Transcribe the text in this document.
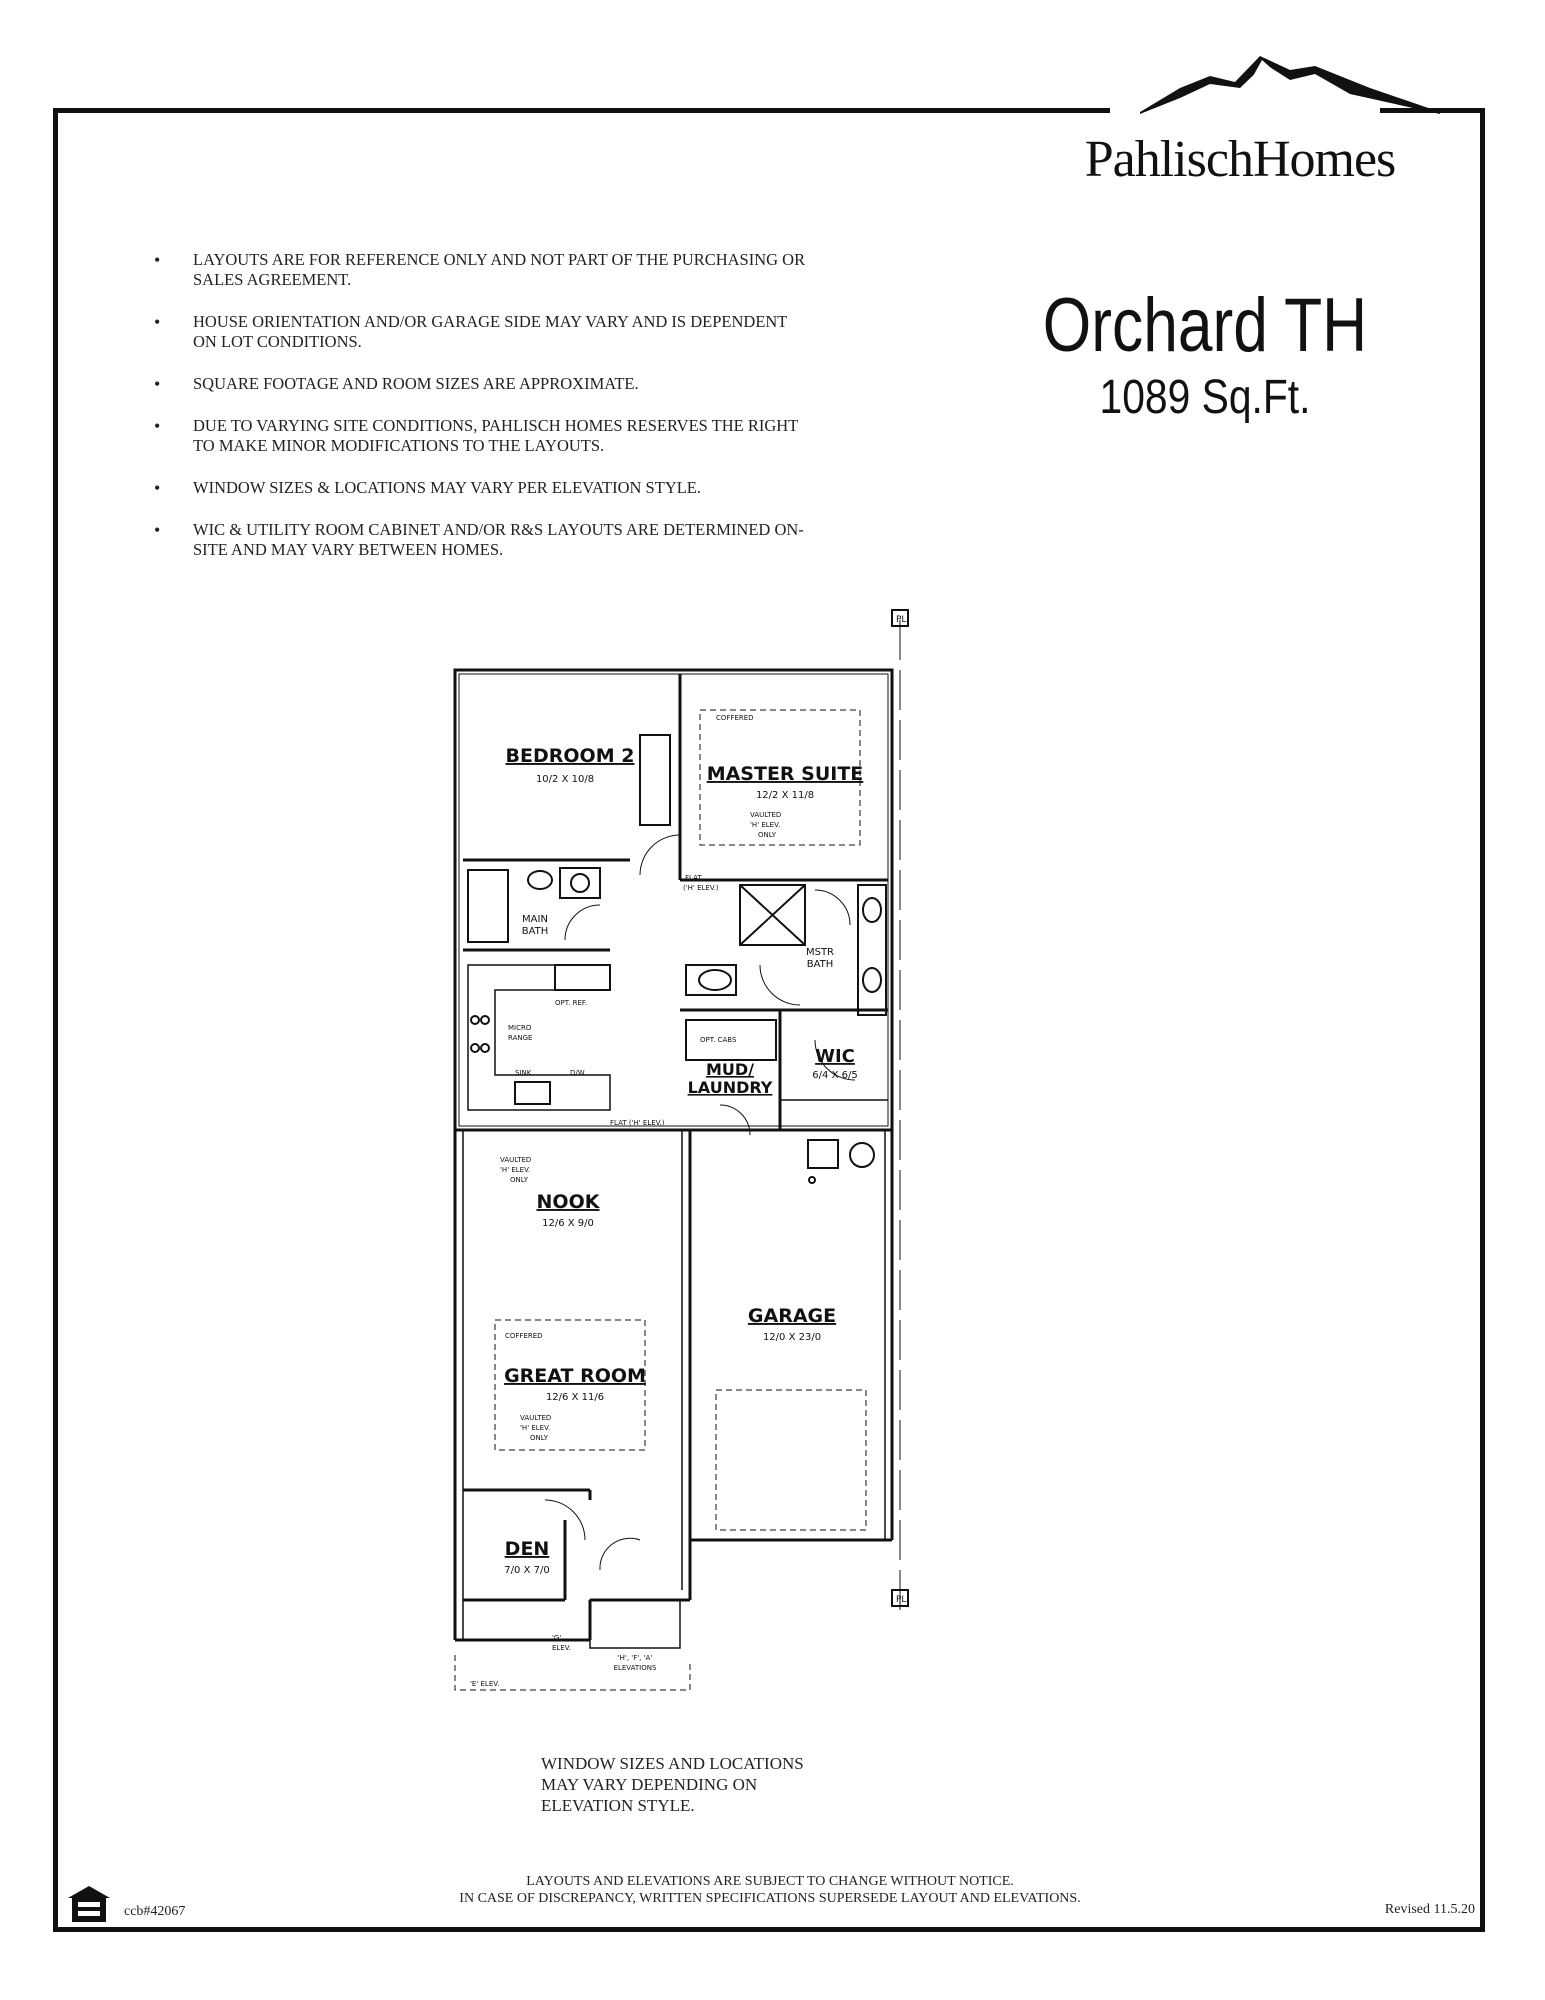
PahlischHomes
• LAYOUTS ARE FOR REFERENCE ONLY AND NOT PART OF THE PURCHASING OR SALES AGREEMENT.
• HOUSE ORIENTATION AND/OR GARAGE SIDE MAY VARY AND IS DEPENDENT ON LOT CONDITIONS.
• SQUARE FOOTAGE AND ROOM SIZES ARE APPROXIMATE.
• DUE TO VARYING SITE CONDITIONS, PAHLISCH HOMES RESERVES THE RIGHT TO MAKE MINOR MODIFICATIONS TO THE LAYOUTS.
• WINDOW SIZES & LOCATIONS MAY VARY PER ELEVATION STYLE.
• WIC & UTILITY ROOM CABINET AND/OR R&S LAYOUTS ARE DETERMINED ON-SITE AND MAY VARY BETWEEN HOMES.
Orchard TH
1089 Sq.Ft.
BEDROOM 2
10/2 X 10/8
COFFERED
MASTER SUITE
12/2 X 11/8
VAULTED
'H' ELEV.
ONLY
MAIN
BATH
MSTR
BATH
FLAT
('H' ELEV.)
OPT. REF.
MICRO
RANGE
SINK	D/W
OPT. CABS
MUD/
LAUNDRY
WIC
6/4 X 6/5
FLAT ('H' ELEV.)
VAULTED
'H' ELEV.
ONLY
NOOK
12/6 X 9/0
GARAGE
12/0 X 23/0
COFFERED
GREAT ROOM
12/6 X 11/6
VAULTED
'H' ELEV.
ONLY
DEN
7/0 X 7/0
'G'
ELEV.
'H', 'F', 'A'
ELEVATIONS
'E' ELEV.
PL
PL
WINDOW SIZES AND LOCATIONS
MAY VARY DEPENDING ON
ELEVATION STYLE.
LAYOUTS AND ELEVATIONS ARE SUBJECT TO CHANGE WITHOUT NOTICE.
IN CASE OF DISCREPANCY, WRITTEN SPECIFICATIONS SUPERSEDE LAYOUT AND ELEVATIONS.
ccb#42067	Revised 11.5.20
